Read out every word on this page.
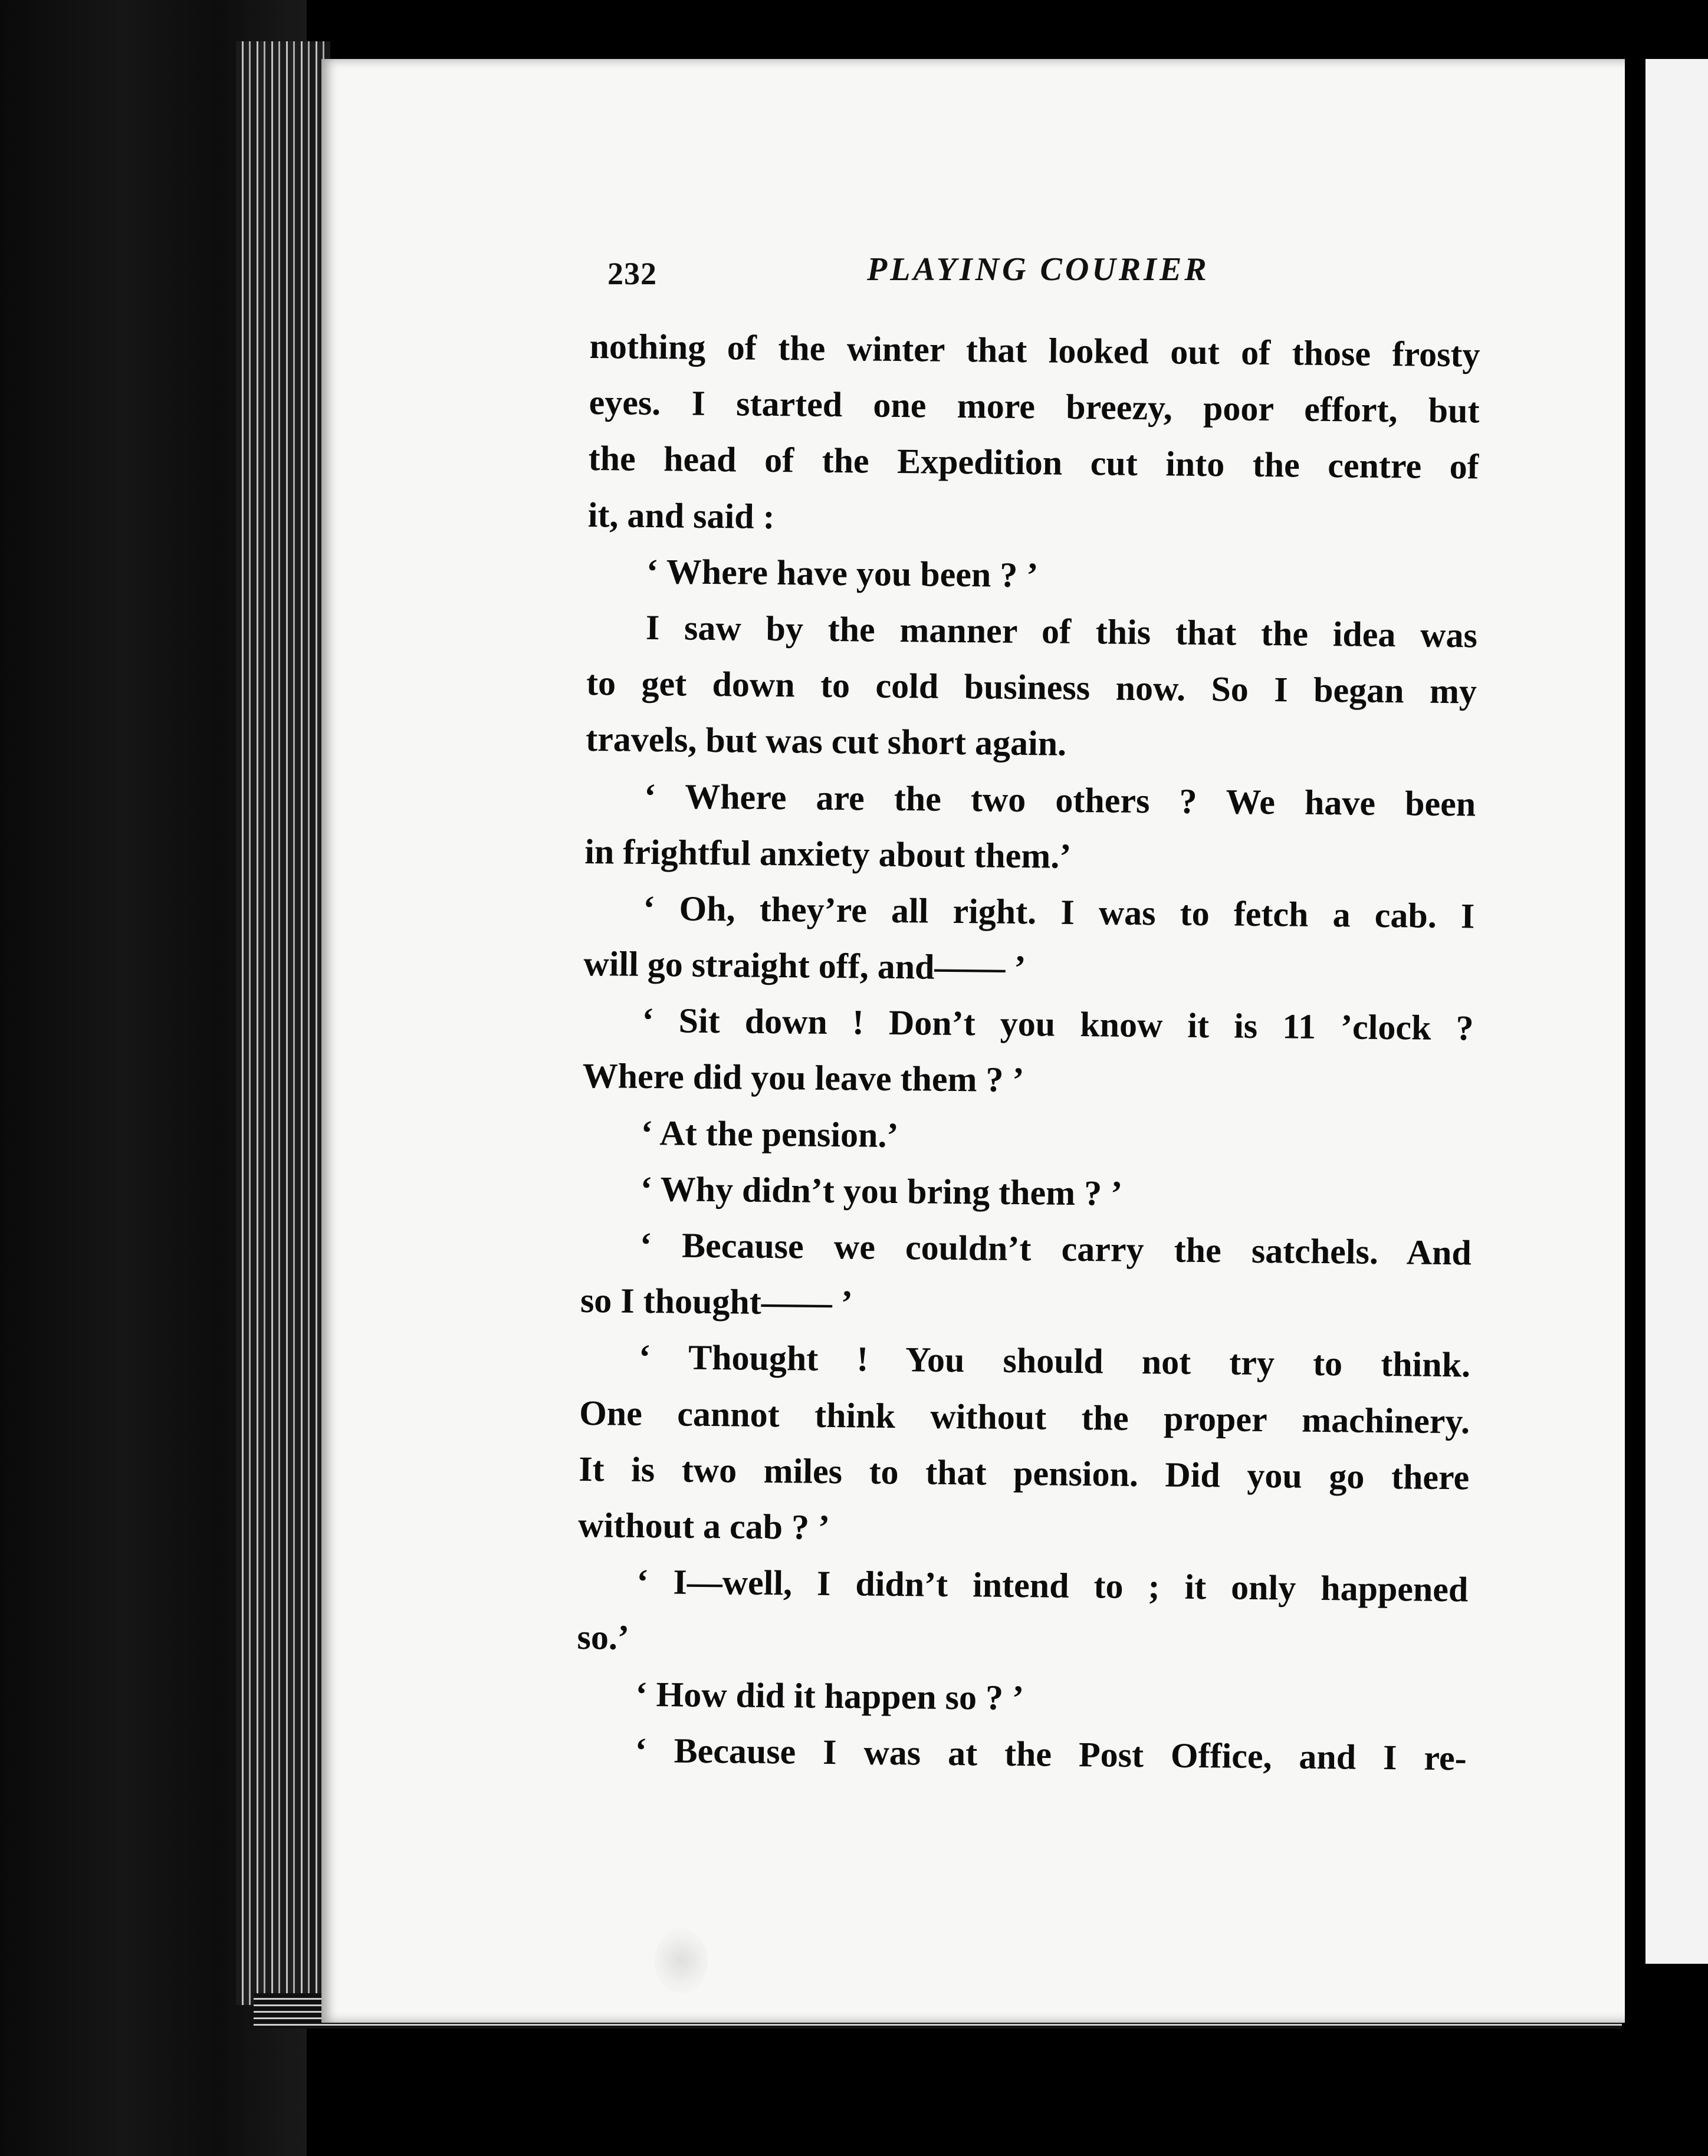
232	PLAYING COURIER
nothing of the winter that looked out of those frosty
eyes. I started one more breezy, poor effort, but
the head of the Expedition cut into the centre of
it, and said :
‘ Where have you been ? ’
I saw by the manner of this that the idea was
to get down to cold business now. So I began my
travels, but was cut short again.
‘ Where are the two others ? We have been
in frightful anxiety about them.’
‘ Oh, they’re all right. I was to fetch a cab. I
will go straight off, and—— ’
‘ Sit down ! Don’t you know it is 11 ’clock ?
Where did you leave them ? ’
‘ At the pension.’
‘ Why didn’t you bring them ? ’
‘ Because we couldn’t carry the satchels. And
so I thought—— ’
‘ Thought ! You should not try to think.
One cannot think without the proper machinery.
It is two miles to that pension. Did you go there
without a cab ? ’
‘ I—well, I didn’t intend to ; it only happened
so.’
‘ How did it happen so ? ’
‘ Because I was at the Post Office, and I re-
